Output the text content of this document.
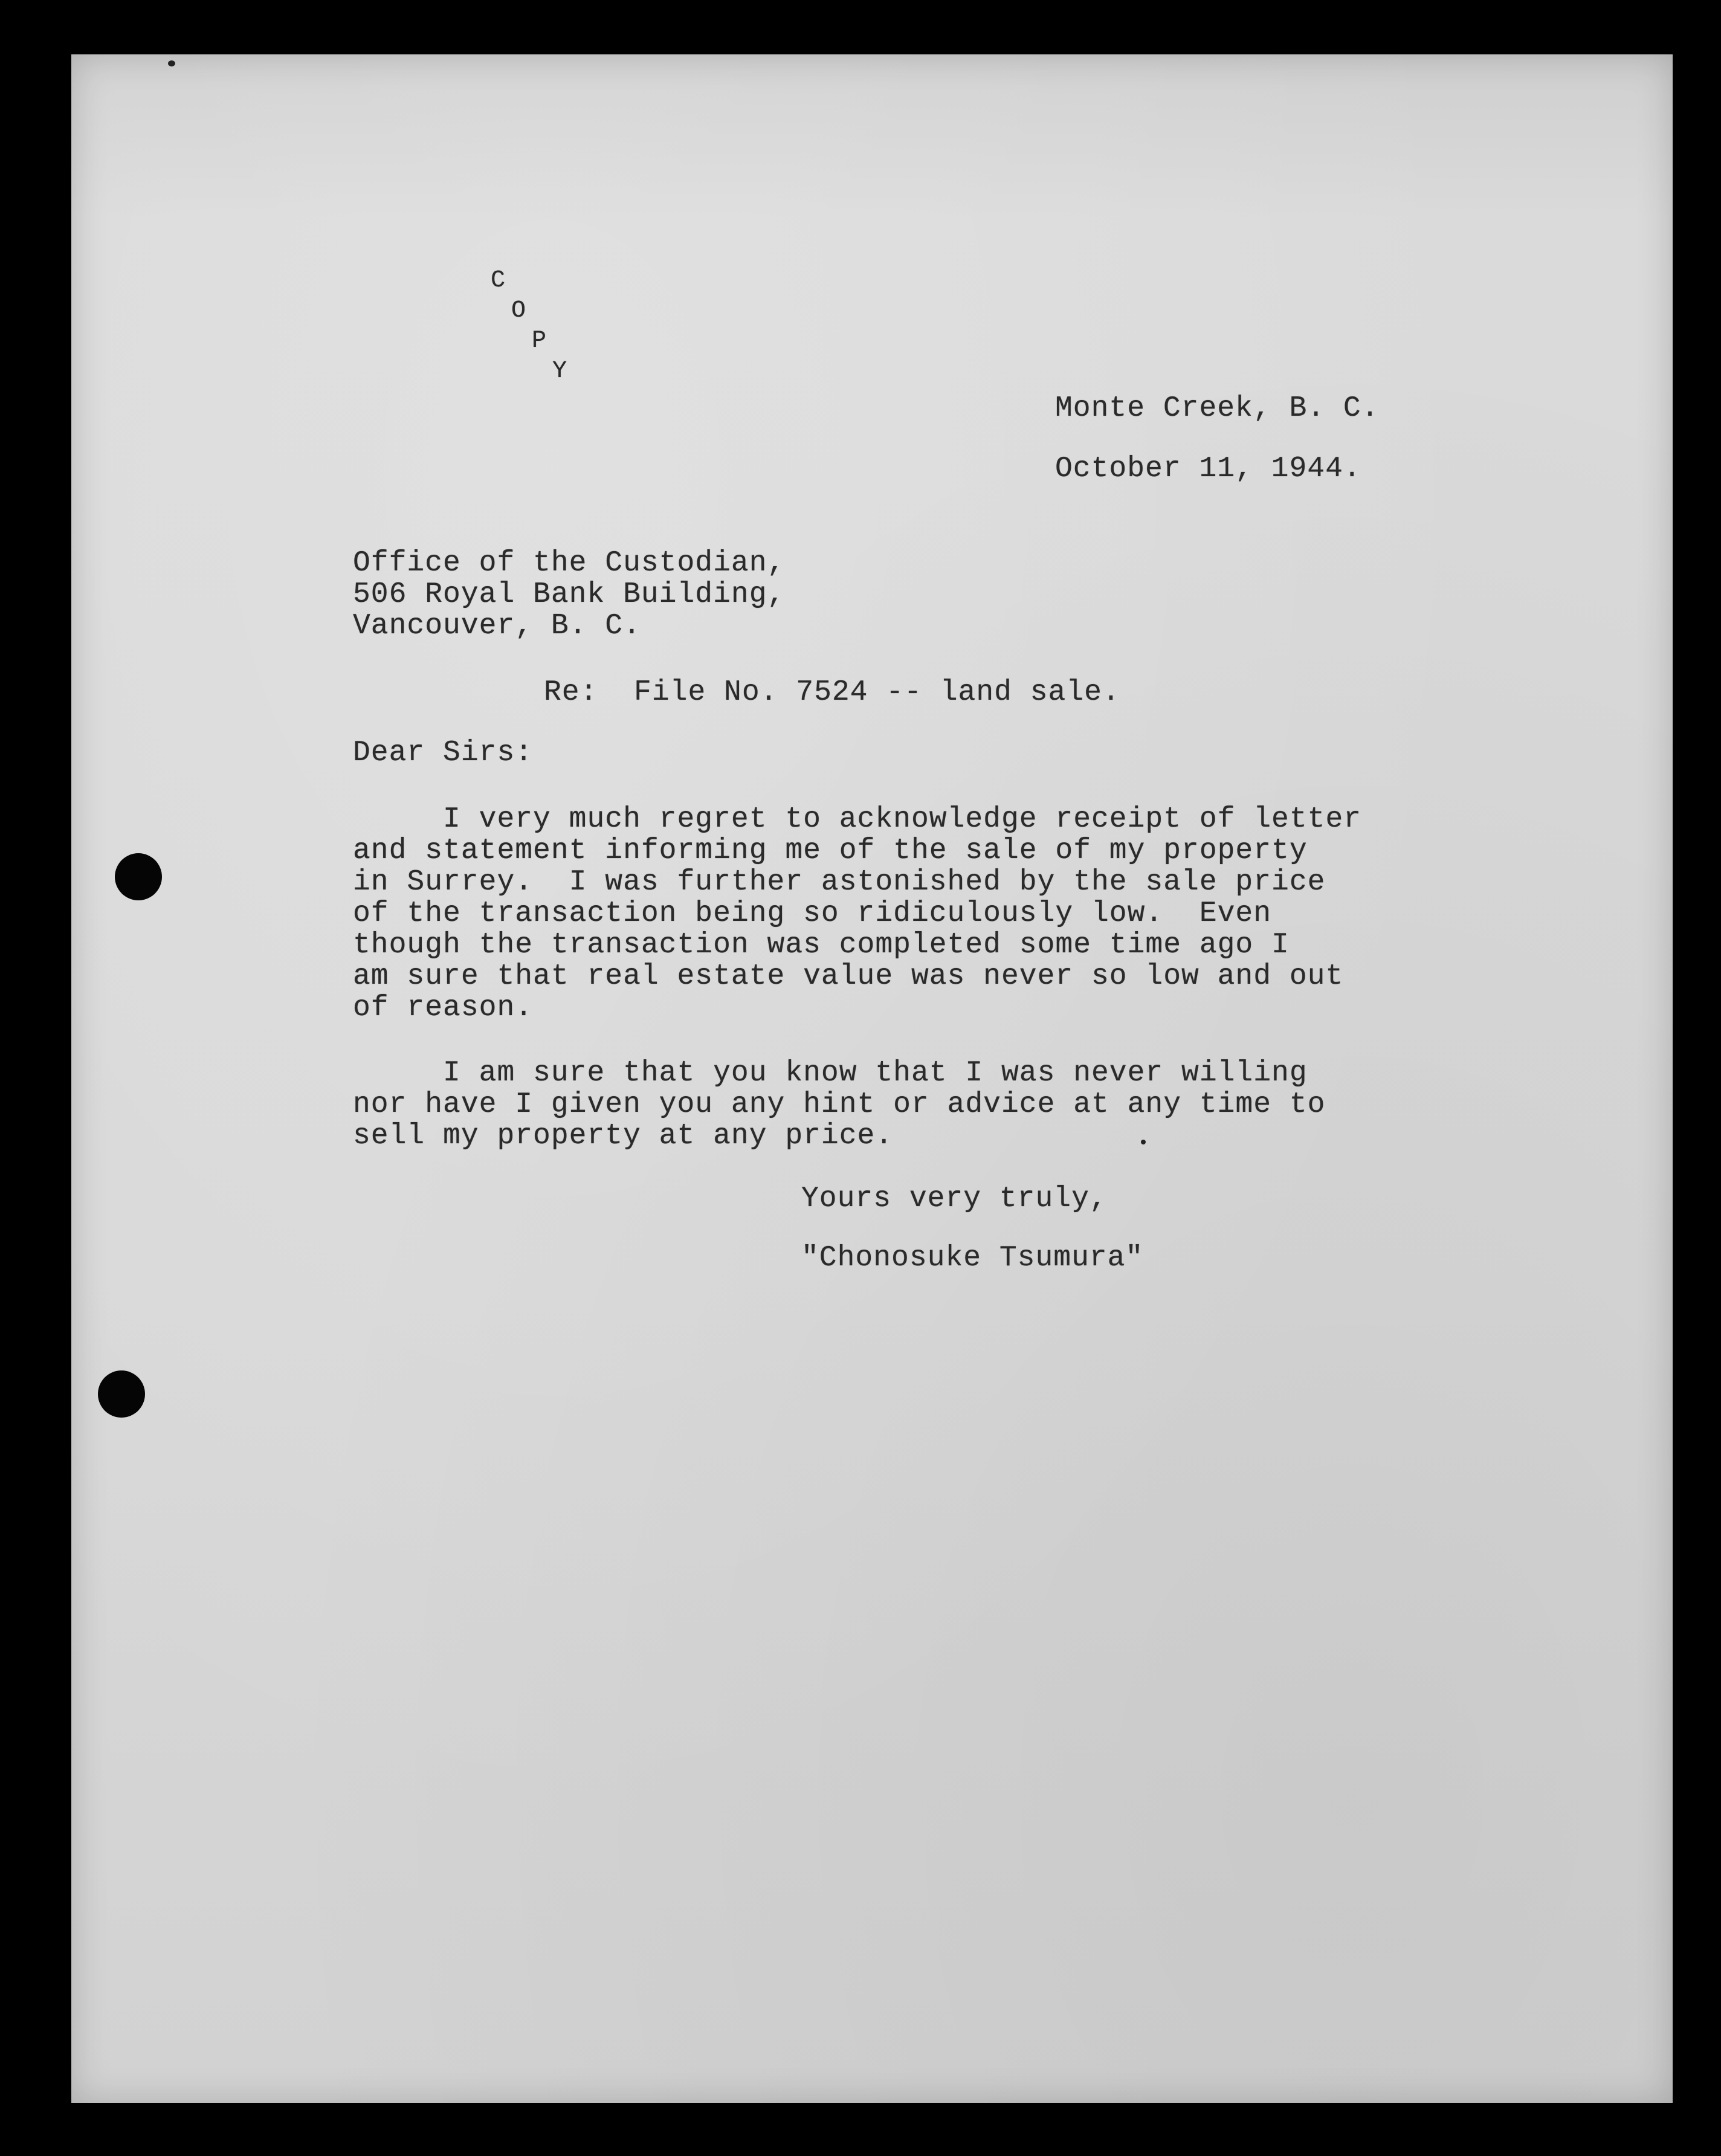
C
O
P
Y
Monte Creek, B. C.
October 11, 1944.
Office of the Custodian,
506 Royal Bank Building,
Vancouver, B. C.
Re:  File No. 7524 -- land sale.
Dear Sirs:
I very much regret to acknowledge receipt of letter
and statement informing me of the sale of my property
in Surrey.  I was further astonished by the sale price
of the transaction being so ridiculously low.  Even
though the transaction was completed some time ago I
am sure that real estate value was never so low and out
of reason.
I am sure that you know that I was never willing
nor have I given you any hint or advice at any time to
sell my property at any price.
Yours very truly,
"Chonosuke Tsumura"
